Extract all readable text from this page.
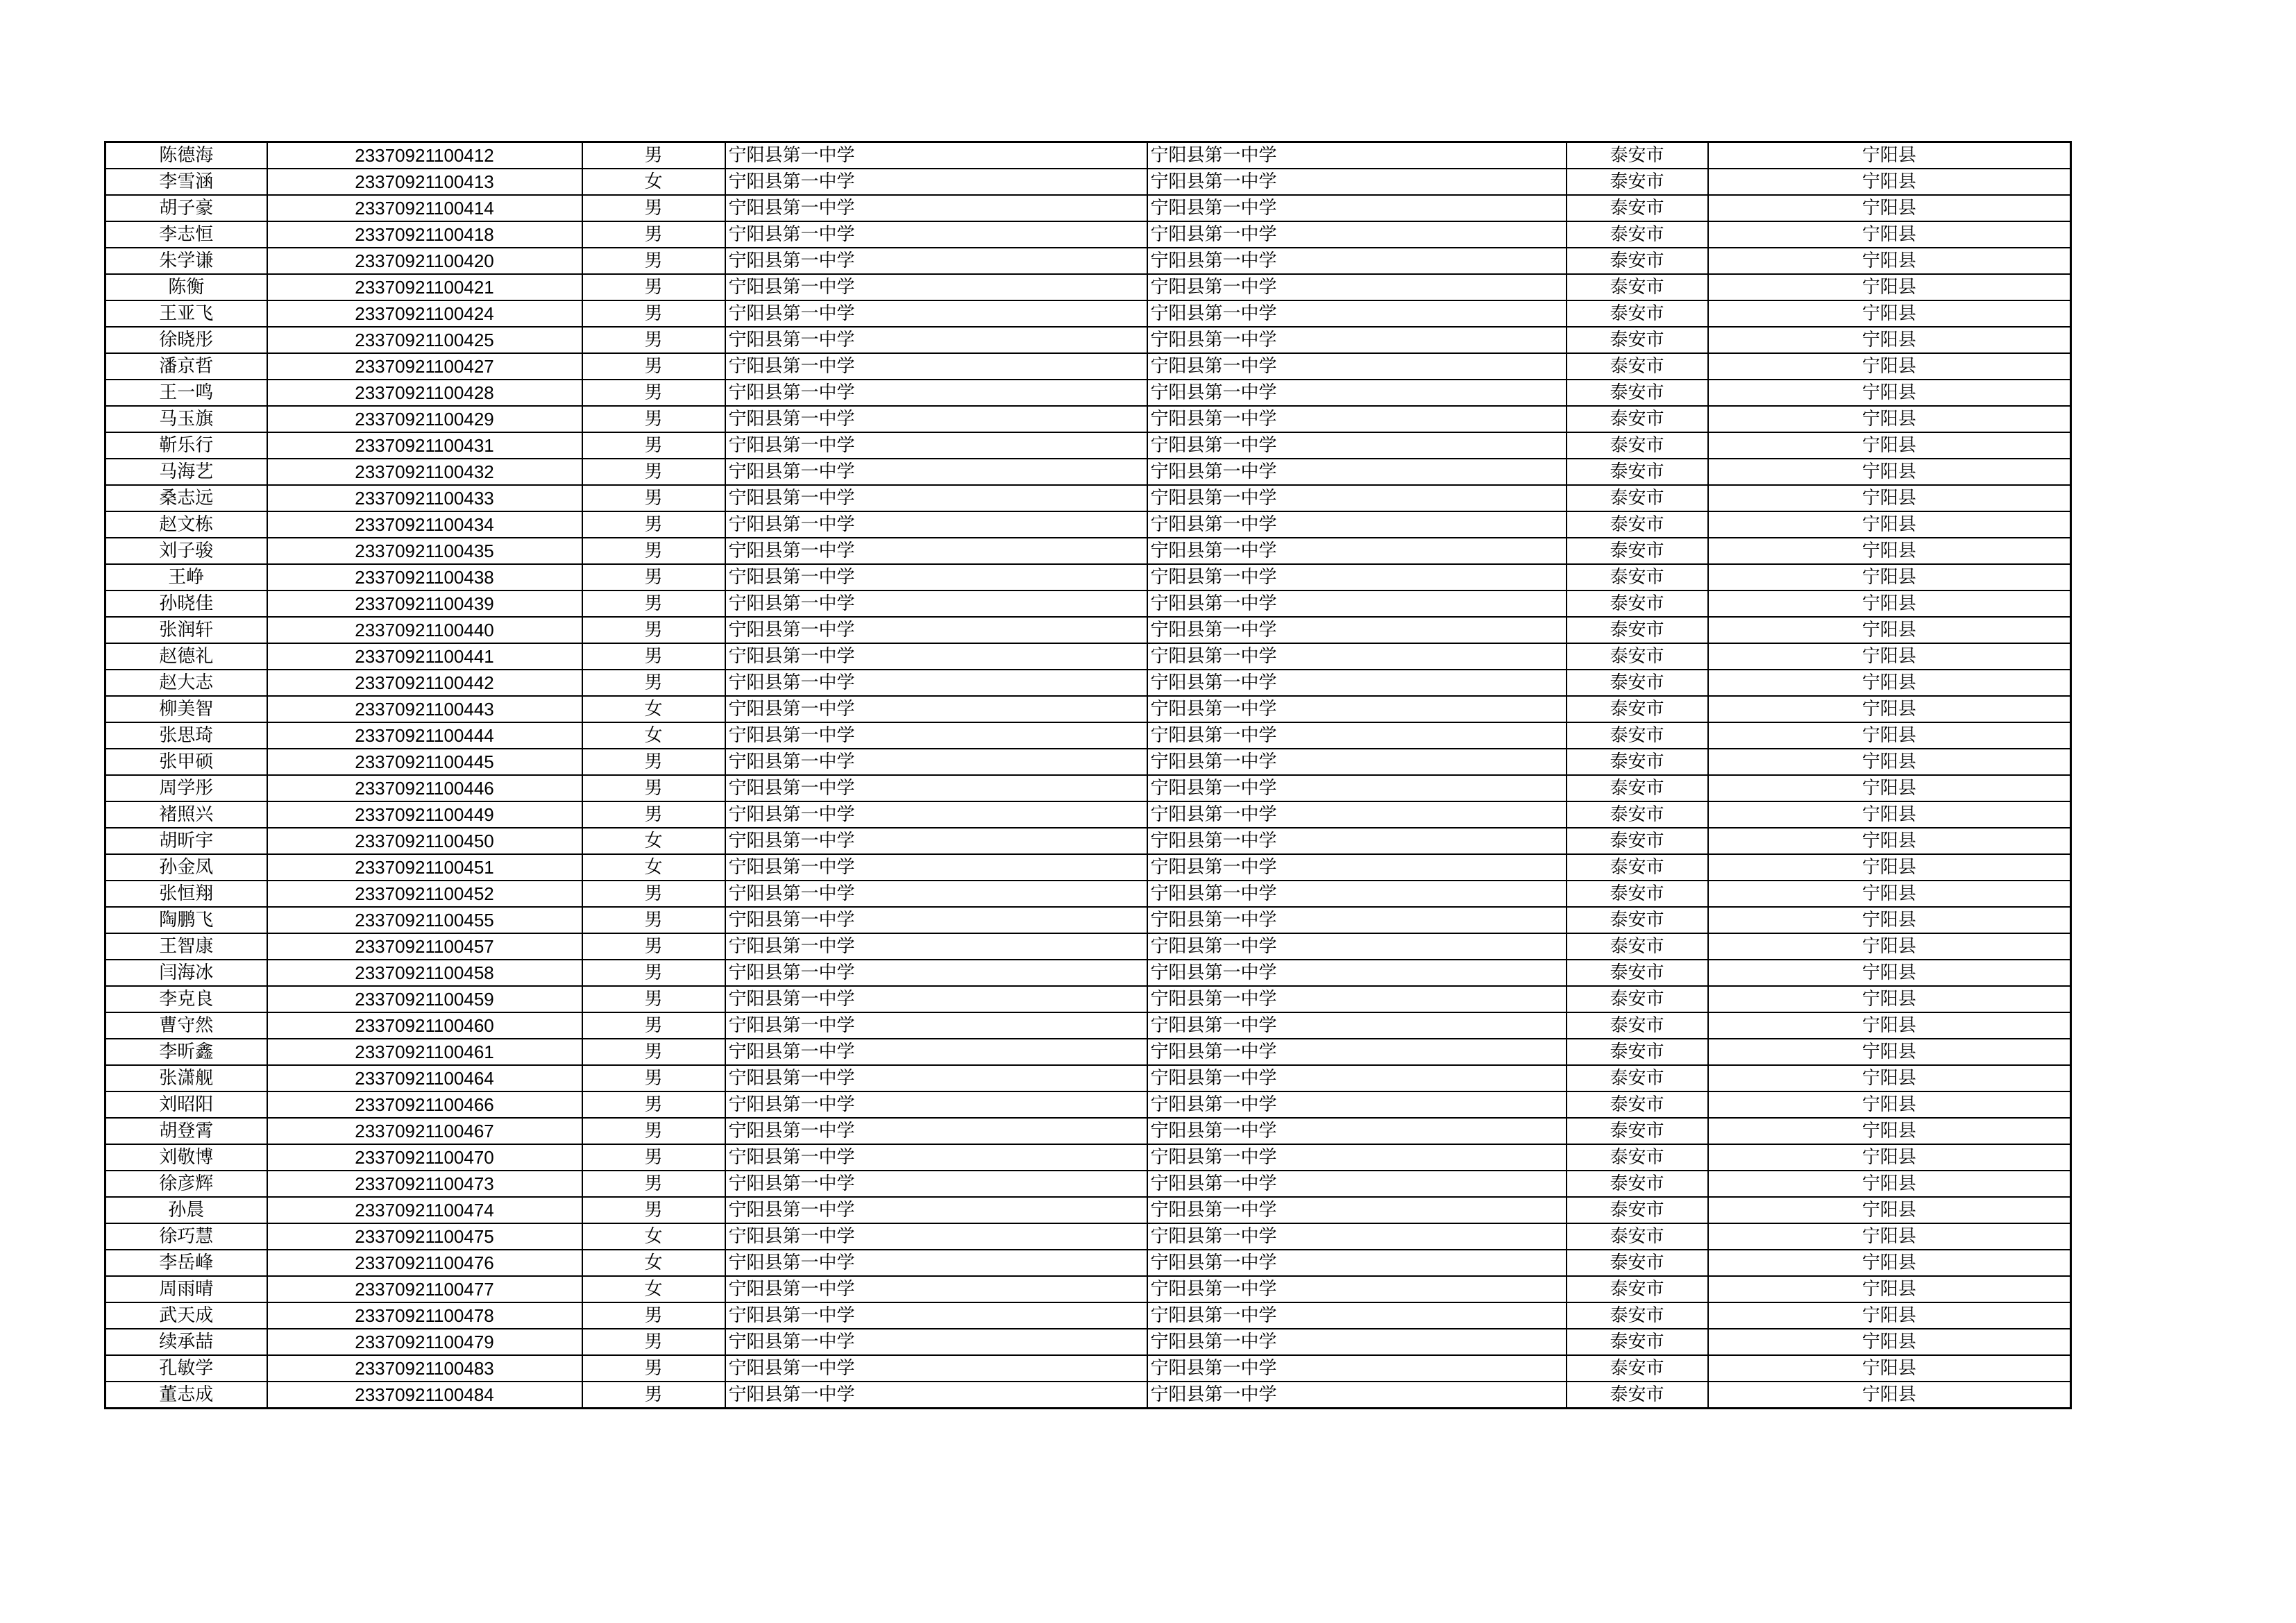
陈德海	23370921100412	男	宁阳县第一中学	宁阳县第一中学	泰安市	宁阳县
李雪涵	23370921100413	女	宁阳县第一中学	宁阳县第一中学	泰安市	宁阳县
胡子豪	23370921100414	男	宁阳县第一中学	宁阳县第一中学	泰安市	宁阳县
李志恒	23370921100418	男	宁阳县第一中学	宁阳县第一中学	泰安市	宁阳县
朱学谦	23370921100420	男	宁阳县第一中学	宁阳县第一中学	泰安市	宁阳县
陈衡	23370921100421	男	宁阳县第一中学	宁阳县第一中学	泰安市	宁阳县
王亚飞	23370921100424	男	宁阳县第一中学	宁阳县第一中学	泰安市	宁阳县
徐晓彤	23370921100425	男	宁阳县第一中学	宁阳县第一中学	泰安市	宁阳县
潘京哲	23370921100427	男	宁阳县第一中学	宁阳县第一中学	泰安市	宁阳县
王一鸣	23370921100428	男	宁阳县第一中学	宁阳县第一中学	泰安市	宁阳县
马玉旗	23370921100429	男	宁阳县第一中学	宁阳县第一中学	泰安市	宁阳县
靳乐行	23370921100431	男	宁阳县第一中学	宁阳县第一中学	泰安市	宁阳县
马海艺	23370921100432	男	宁阳县第一中学	宁阳县第一中学	泰安市	宁阳县
桑志远	23370921100433	男	宁阳县第一中学	宁阳县第一中学	泰安市	宁阳县
赵文栋	23370921100434	男	宁阳县第一中学	宁阳县第一中学	泰安市	宁阳县
刘子骏	23370921100435	男	宁阳县第一中学	宁阳县第一中学	泰安市	宁阳县
王峥	23370921100438	男	宁阳县第一中学	宁阳县第一中学	泰安市	宁阳县
孙晓佳	23370921100439	男	宁阳县第一中学	宁阳县第一中学	泰安市	宁阳县
张润轩	23370921100440	男	宁阳县第一中学	宁阳县第一中学	泰安市	宁阳县
赵德礼	23370921100441	男	宁阳县第一中学	宁阳县第一中学	泰安市	宁阳县
赵大志	23370921100442	男	宁阳县第一中学	宁阳县第一中学	泰安市	宁阳县
柳美智	23370921100443	女	宁阳县第一中学	宁阳县第一中学	泰安市	宁阳县
张思琦	23370921100444	女	宁阳县第一中学	宁阳县第一中学	泰安市	宁阳县
张甲硕	23370921100445	男	宁阳县第一中学	宁阳县第一中学	泰安市	宁阳县
周学彤	23370921100446	男	宁阳县第一中学	宁阳县第一中学	泰安市	宁阳县
褚照兴	23370921100449	男	宁阳县第一中学	宁阳县第一中学	泰安市	宁阳县
胡昕宇	23370921100450	女	宁阳县第一中学	宁阳县第一中学	泰安市	宁阳县
孙金凤	23370921100451	女	宁阳县第一中学	宁阳县第一中学	泰安市	宁阳县
张恒翔	23370921100452	男	宁阳县第一中学	宁阳县第一中学	泰安市	宁阳县
陶鹏飞	23370921100455	男	宁阳县第一中学	宁阳县第一中学	泰安市	宁阳县
王智康	23370921100457	男	宁阳县第一中学	宁阳县第一中学	泰安市	宁阳县
闫海冰	23370921100458	男	宁阳县第一中学	宁阳县第一中学	泰安市	宁阳县
李克良	23370921100459	男	宁阳县第一中学	宁阳县第一中学	泰安市	宁阳县
曹守然	23370921100460	男	宁阳县第一中学	宁阳县第一中学	泰安市	宁阳县
李昕鑫	23370921100461	男	宁阳县第一中学	宁阳县第一中学	泰安市	宁阳县
张潇舰	23370921100464	男	宁阳县第一中学	宁阳县第一中学	泰安市	宁阳县
刘昭阳	23370921100466	男	宁阳县第一中学	宁阳县第一中学	泰安市	宁阳县
胡登霄	23370921100467	男	宁阳县第一中学	宁阳县第一中学	泰安市	宁阳县
刘敬博	23370921100470	男	宁阳县第一中学	宁阳县第一中学	泰安市	宁阳县
徐彦辉	23370921100473	男	宁阳县第一中学	宁阳县第一中学	泰安市	宁阳县
孙晨	23370921100474	男	宁阳县第一中学	宁阳县第一中学	泰安市	宁阳县
徐巧慧	23370921100475	女	宁阳县第一中学	宁阳县第一中学	泰安市	宁阳县
李岳峰	23370921100476	女	宁阳县第一中学	宁阳县第一中学	泰安市	宁阳县
周雨晴	23370921100477	女	宁阳县第一中学	宁阳县第一中学	泰安市	宁阳县
武天成	23370921100478	男	宁阳县第一中学	宁阳县第一中学	泰安市	宁阳县
续承喆	23370921100479	男	宁阳县第一中学	宁阳县第一中学	泰安市	宁阳县
孔敏学	23370921100483	男	宁阳县第一中学	宁阳县第一中学	泰安市	宁阳县
董志成	23370921100484	男	宁阳县第一中学	宁阳县第一中学	泰安市	宁阳县
